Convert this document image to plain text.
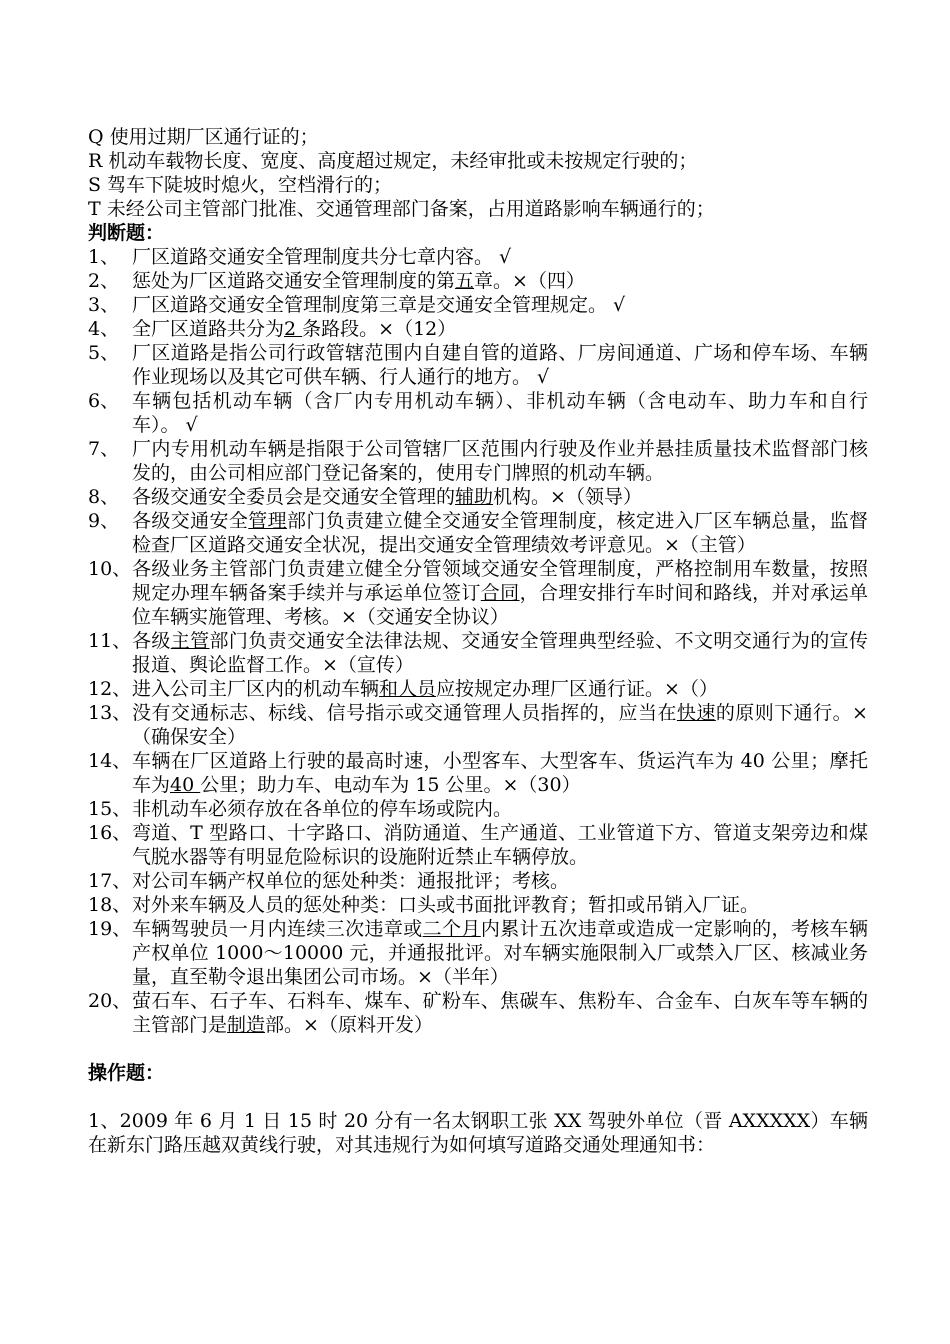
Q 使用过期厂区通行证的；
R 机动车载物长度、宽度、高度超过规定，未经审批或未按规定行驶的；
S 驾车下陡坡时熄火，空档滑行的；
T 未经公司主管部门批准、交通管理部门备案，占用道路影响车辆通行的；
判断题：
1、 厂区道路交通安全管理制度共分七章内容。 √
2、 惩处为厂区道路交通安全管理制度的第五章。×（四）
3、 厂区道路交通安全管理制度第三章是交通安全管理规定。 √
4、 全厂区道路共分为2 条路段。×（12）
5、 厂区道路是指公司行政管辖范围内自建自管的道路、厂房间通道、广场和停车场、车辆作业现场以及其它可供车辆、行人通行的地方。 √
6、 车辆包括机动车辆（含厂内专用机动车辆）、非机动车辆（含电动车、助力车和自行车）。 √
7、 厂内专用机动车辆是指限于公司管辖厂区范围内行驶及作业并悬挂质量技术监督部门核发的，由公司相应部门登记备案的，使用专门牌照的机动车辆。
8、 各级交通安全委员会是交通安全管理的辅助机构。×（领导）
9、 各级交通安全管理部门负责建立健全交通安全管理制度，核定进入厂区车辆总量，监督检查厂区道路交通安全状况，提出交通安全管理绩效考评意见。×（主管）
10、 各级业务主管部门负责建立健全分管领域交通安全管理制度，严格控制用车数量，按照规定办理车辆备案手续并与承运单位签订合同，合理安排行车时间和路线，并对承运单位车辆实施管理、考核。×（交通安全协议）
11、 各级主管部门负责交通安全法律法规、交通安全管理典型经验、不文明交通行为的宣传报道、舆论监督工作。×（宣传）
12、 进入公司主厂区内的机动车辆和人员应按规定办理厂区通行证。×（）
13、 没有交通标志、标线、信号指示或交通管理人员指挥的，应当在快速的原则下通行。×（确保安全）
14、 车辆在厂区道路上行驶的最高时速，小型客车、大型客车、货运汽车为 40 公里；摩托车为40 公里；助力车、电动车为 15 公里。×（30）
15、 非机动车必须存放在各单位的停车场或院内。
16、 弯道、T 型路口、十字路口、消防通道、生产通道、工业管道下方、管道支架旁边和煤气脱水器等有明显危险标识的设施附近禁止车辆停放。
17、 对公司车辆产权单位的惩处种类：通报批评；考核。
18、 对外来车辆及人员的惩处种类：口头或书面批评教育；暂扣或吊销入厂证。
19、 车辆驾驶员一月内连续三次违章或二个月内累计五次违章或造成一定影响的，考核车辆产权单位 1000～10000 元，并通报批评。对车辆实施限制入厂或禁入厂区、核减业务量，直至勒令退出集团公司市场。×（半年）
20、 萤石车、石子车、石料车、煤车、矿粉车、焦碳车、焦粉车、合金车、白灰车等车辆的主管部门是制造部。×（原料开发）
操作题：
1、2009 年 6 月 1 日 15 时 20 分有一名太钢职工张 XX 驾驶外单位（晋 AXXXXX）车辆在新东门路压越双黄线行驶，对其违规行为如何填写道路交通处理通知书：
